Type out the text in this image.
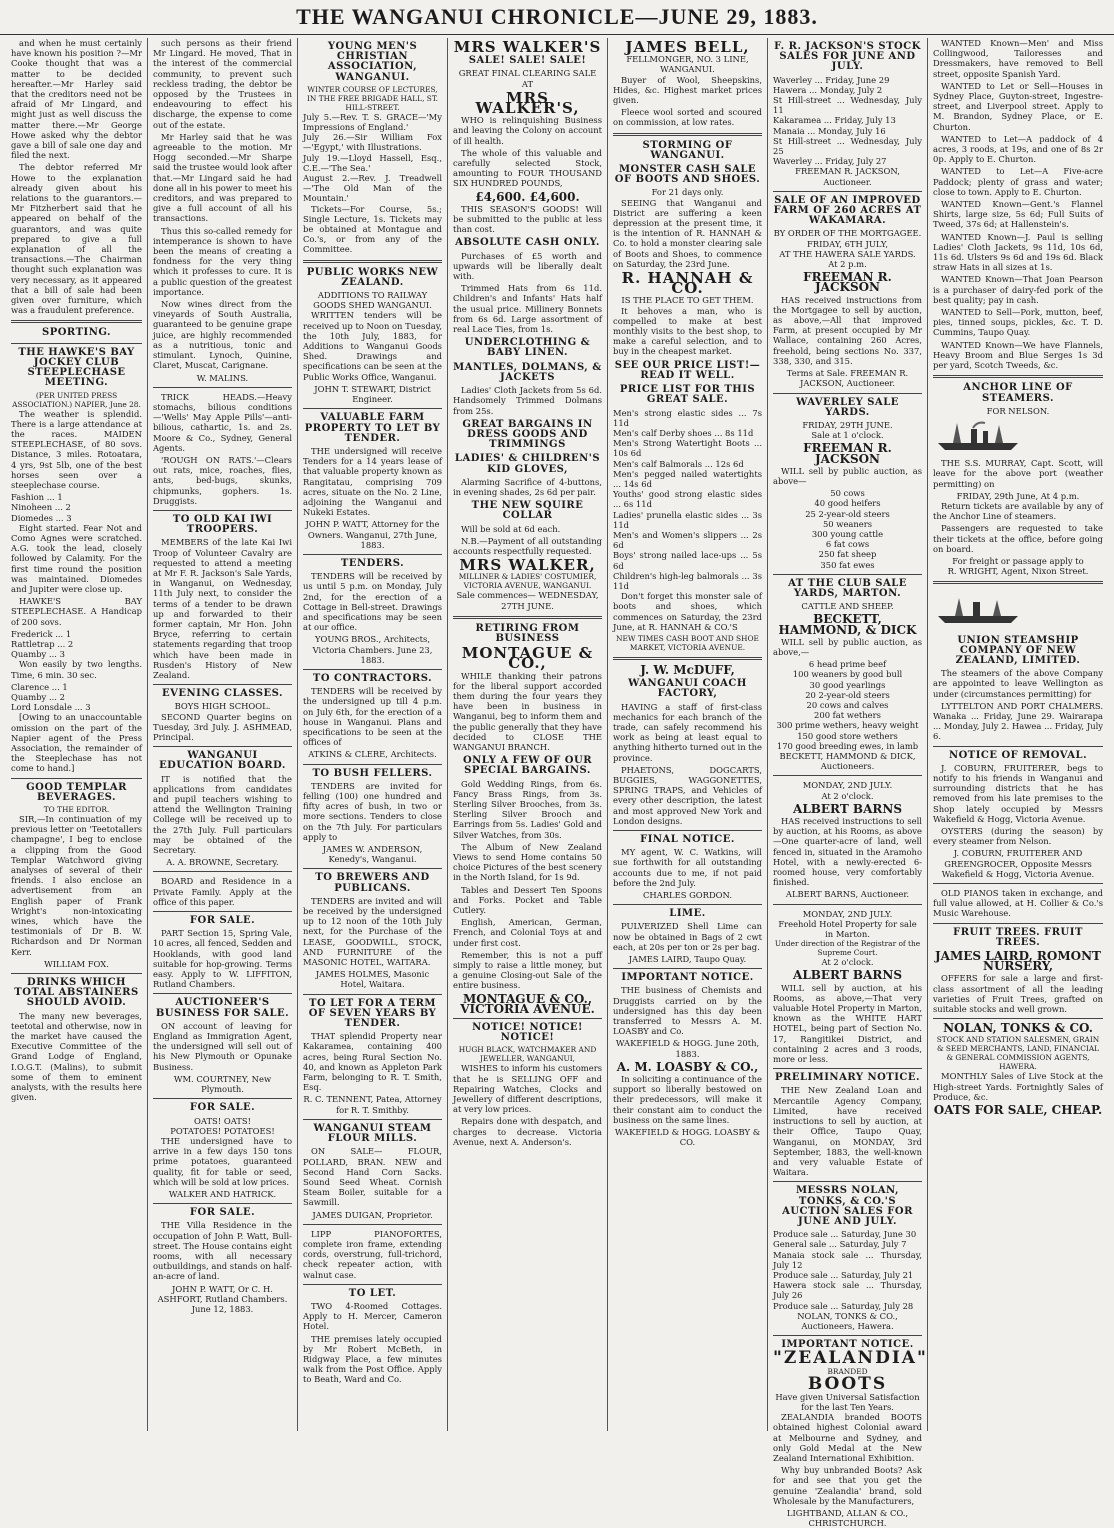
THE WANGANUI CHRONICLE—JUNE 29, 1883.

and when he must certainly have known his position ?—Mr Cooke thought that was a matter to be decided hereafter.—Mr Harley said that the creditors need not be afraid of Mr Lingard, and might just as well discuss the matter there.—Mr George Howe asked why the debtor gave a bill of sale one day and filed the next.

The debtor referred Mr Howe to the explanation already given about his relations to the guarantors.—Mr Fitzherbert said that he appeared on behalf of the guarantors, and was quite prepared to give a full explanation of all the transactions.—The Chairman thought such explanation was very necessary, as it appeared that a bill of sale had been given over furniture, which was a fraudulent preference.

SPORTING.
THE HAWKE'S BAY JOCKEY CLUB STEEPLECHASE MEETING.
(PER UNITED PRESS ASSOCIATION.) NAPIER, June 28.

The weather is splendid. There is a large attendance at the races. MAIDEN STEEPLECHASE, of 80 sovs. Distance, 3 miles. Rotoatara, 4 yrs, 9st 5lb, one of the best horses seen over a steeplechase course.

Fashion ... 1
Ninoheen ... 2
Diomedes ... 3

Eight started. Fear Not and Como Agnes were scratched. A.G. took the lead, closely followed by Calamity. For the first time round the position was maintained. Diomedes and Jupiter were close up.

HAWKE'S BAY STEEPLECHASE. A Handicap of 200 sovs.

Frederick ... 1
Rattletrap ... 2
Quamby ... 3

Won easily by two lengths. Time, 6 min. 30 sec.

Clarence ... 1
Quamby ... 2
Lord Lonsdale ... 3

[Owing to an unaccountable omission on the part of the Napier agent of the Press Association, the remainder of the Steeplechase has not come to hand.]

GOOD TEMPLAR BEVERAGES.
TO THE EDITOR.

SIR,—In continuation of my previous letter on 'Teetotallers champagne', I beg to enclose a clipping from the Good Templar Watchword giving analyses of several of their friends. I also enclose an advertisement from an English paper of Frank Wright's non-intoxicating wines, which have the testimonials of Dr B. W. Richardson and Dr Norman Kerr.

WILLIAM FOX.
DRINKS WHICH TOTAL ABSTAINERS SHOULD AVOID.

The many new beverages, teetotal and otherwise, now in the market have caused the Executive Committee of the Grand Lodge of England, I.O.G.T. (Malins), to submit some of them to eminent analysts, with the results here given.

such persons as their friend Mr Lingard. He moved, That in the interest of the commercial community, to prevent such reckless trading, the debtor be opposed by the Trustees in endeavouring to effect his discharge, the expense to come out of the estate.

Mr Harley said that he was agreeable to the motion. Mr Hogg seconded.—Mr Sharpe said the trustee would look after that.—Mr Lingard said he had done all in his power to meet his creditors, and was prepared to give a full account of all his transactions.

Thus this so-called remedy for intemperance is shown to have been the means of creating a fondness for the very thing which it professes to cure. It is a public question of the greatest importance.

Now wines direct from the vineyards of South Australia, guaranteed to be genuine grape juice, are highly recommended as a nutritious, tonic and stimulant. Lynoch, Quinine, Claret, Muscat, Carignane.

W. MALINS.

TRICK HEADS.—Heavy stomachs, bilious conditions—'Wells' May Apple Pills'—anti-bilious, cathartic, 1s. and 2s. Moore & Co., Sydney, General Agents.

'ROUGH ON RATS.'—Clears out rats, mice, roaches, flies, ants, bed-bugs, skunks, chipmunks, gophers. 1s. Druggists.

TO OLD KAI IWI TROOPERS.

MEMBERS of the late Kai Iwi Troop of Volunteer Cavalry are requested to attend a meeting at Mr F. R. Jackson's Sale Yards, in Wanganui, on Wednesday, 11th July next, to consider the terms of a tender to be drawn up and forwarded to their former captain, Mr Hon. John Bryce, referring to certain statements regarding that troop which have been made in Rusden's History of New Zealand.

EVENING CLASSES.
BOYS HIGH SCHOOL.

SECOND Quarter begins on Tuesday, 3rd July. J. ASHMEAD, Principal.

WANGANUI EDUCATION BOARD.

IT is notified that the applications from candidates and pupil teachers wishing to attend the Wellington Training College will be received up to the 27th July. Full particulars may be obtained of the Secretary.

A. A. BROWNE, Secretary.

BOARD and Residence in a Private Family. Apply at the office of this paper.

FOR SALE.

PART Section 15, Spring Vale, 10 acres, all fenced, Sedden and Hooklands, with good land suitable for hop-growing. Terms easy. Apply to W. LIFFITON, Rutland Chambers.

AUCTIONEER'S BUSINESS FOR SALE.

ON account of leaving for England as Immigration Agent, the undersigned will sell out of his New Plymouth or Opunake Business.

WM. COURTNEY, New Plymouth.
FOR SALE.
OATS! OATS!
POTATOES! POTATOES!

THE undersigned have to arrive in a few days 150 tons prime potatoes, guaranteed quality, fit for table or seed, which will be sold at low prices.

WALKER AND HATRICK.
FOR SALE.

THE Villa Residence in the occupation of John P. Watt, Bull-street. The House contains eight rooms, with all necessary outbuildings, and stands on half-an-acre of land.

JOHN P. WATT, Or C. H. ASHFORT, Rutland Chambers. June 12, 1883.
YOUNG MEN'S CHRISTIAN ASSOCIATION, WANGANUI.
WINTER COURSE OF LECTURES, IN THE FREE BRIGADE HALL, ST. HILL-STREET.
July 5.—Rev. T. S. GRACE—'My Impressions of England.'
July 26.—Sir William Fox—'Egypt,' with Illustrations.
July 19.—Lloyd Hassell, Esq., C.E.—'The Sea.'
August 2.—Rev. J. Treadwell—'The Old Man of the Mountain.'

Tickets—For Course, 5s.; Single Lecture, 1s. Tickets may be obtained at Montague and Co.'s, or from any of the Committee.

PUBLIC WORKS NEW ZEALAND.
ADDITIONS TO RAILWAY GOODS SHED WANGANUI.

WRITTEN tenders will be received up to Noon on Tuesday, the 10th July, 1883, for Additions to Wanganui Goods Shed. Drawings and specifications can be seen at the Public Works Office, Wanganui.

JOHN T. STEWART, District Engineer.
VALUABLE FARM PROPERTY TO LET BY TENDER.

THE undersigned will receive Tenders for a 14 years lease of that valuable property known as Rangitatau, comprising 709 acres, situate on the No. 2 Line, adjoining the Wanganui and Nukeki Estates.

JOHN P. WATT, Attorney for the Owners. Wanganui, 27th June, 1883.
TENDERS.

TENDERS will be received by us until 5 p.m. on Monday, July 2nd, for the erection of a Cottage in Bell-street. Drawings and specifications may be seen at our office.

YOUNG BROS., Architects, Victoria Chambers. June 23, 1883.
TO CONTRACTORS.

TENDERS will be received by the undersigned up till 4 p.m. on July 6th, for the erection of a house in Wanganui. Plans and specifications to be seen at the offices of

ATKINS & CLERE, Architects.
TO BUSH FELLERS.

TENDERS are invited for felling (100) one hundred and fifty acres of bush, in two or more sections. Tenders to close on the 7th July. For particulars apply to

JAMES W. ANDERSON, Kenedy's, Wanganui.
TO BREWERS AND PUBLICANS.

TENDERS are invited and will be received by the undersigned up to 12 noon of the 10th July next, for the Purchase of the LEASE, GOODWILL, STOCK, AND FURNITURE of the MASONIC HOTEL, WAITARA.

JAMES HOLMES, Masonic Hotel, Waitara.
TO LET FOR A TERM OF SEVEN YEARS BY TENDER.

THAT splendid Property near Kakaramea, containing 400 acres, being Rural Section No. 40, and known as Appleton Park Farm, belonging to R. T. Smith, Esq.

R. C. TENNENT, Patea, Attorney for R. T. Smithby.
WANGANUI STEAM FLOUR MILLS.

ON SALE— FLOUR, POLLARD, BRAN. NEW and Second Hand Corn Sacks. Sound Seed Wheat. Cornish Steam Boiler, suitable for a Sawmill.

JAMES DUIGAN, Proprietor.

LIPP PIANOFORTES, complete iron frame, extending cords, overstrung, full-trichord, check repeater action, with walnut case.

TO LET.

TWO 4-Roomed Cottages. Apply to H. Mercer, Cameron Hotel.

THE premises lately occupied by Mr Robert McBeth, in Ridgway Place, a few minutes walk from the Post Office. Apply to Beath, Ward and Co.

MRS WALKER'S
SALE! SALE! SALE!
GREAT FINAL CLEARING SALE AT
MRS WALKER'S,

WHO is relinquishing Business and leaving the Colony on account of ill health.

The whole of this valuable and carefully selected Stock, amounting to FOUR THOUSAND SIX HUNDRED POUNDS,

£4,600. £4,600.

THIS SEASON'S GOODS! Will be submitted to the public at less than cost.

ABSOLUTE CASH ONLY.

Purchases of £5 worth and upwards will be liberally dealt with.

Trimmed Hats from 6s 11d. Children's and Infants' Hats half the usual price. Millinery Bonnets from 6s 6d. Large assortment of real Lace Ties, from 1s.

UNDERCLOTHING & BABY LINEN.
MANTLES, DOLMANS, & JACKETS

Ladies' Cloth Jackets from 5s 6d. Handsomely Trimmed Dolmans from 25s.

GREAT BARGAINS IN DRESS GOODS AND TRIMMINGS
LADIES' & CHILDREN'S KID GLOVES,

Alarming Sacrifice of 4-buttons, in evening shades, 2s 6d per pair.

THE NEW SQUIRE COLLAR

Will be sold at 6d each.

N.B.—Payment of all outstanding accounts respectfully requested.

MRS WALKER,
MILLINER & LADIES' COSTUMIER, VICTORIA AVENUE, WANGANUI.
Sale commences— WEDNESDAY, 27TH JUNE.
RETIRING FROM BUSINESS
MONTAGUE & CO.,

WHILE thanking their patrons for the liberal support accorded them during the four years they have been in business in Wanganui, beg to inform them and the public generally that they have decided to CLOSE THE WANGANUI BRANCH.

ONLY A FEW OF OUR SPECIAL BARGAINS.

Gold Wedding Rings, from 6s. Fancy Brass Rings, from 3s. Sterling Silver Brooches, from 3s. Sterling Silver Brooch and Earrings from 5s. Ladies' Gold and Silver Watches, from 30s.

The Album of New Zealand Views to send Home contains 50 choice Pictures of the best scenery in the North Island, for 1s 9d.

Tables and Dessert Ten Spoons and Forks. Pocket and Table Cutlery.

English, American, German, French, and Colonial Toys at and under first cost.

Remember, this is not a puff simply to raise a little money, but a genuine Closing-out Sale of the entire business.

MONTAGUE & CO., VICTORIA AVENUE.
NOTICE! NOTICE! NOTICE!
HUGH BLACK, WATCHMAKER AND JEWELLER, WANGANUI,

WISHES to inform his customers that he is SELLING OFF and Repairing Watches, Clocks and Jewellery of different descriptions, at very low prices.

Repairs done with despatch, and charges to decrease. Victoria Avenue, next A. Anderson's.

JAMES BELL,
FELLMONGER, NO. 3 LINE, WANGANUI.

Buyer of Wool, Sheepskins, Hides, &c. Highest market prices given.

Fleece wool sorted and scoured on commission, at low rates.

STORMING OF WANGANUI.
MONSTER CASH SALE OF BOOTS AND SHOES.
For 21 days only.

SEEING that Wanganui and District are suffering a keen depression at the present time, it is the intention of R. HANNAH & Co. to hold a monster clearing sale of Boots and Shoes, to commence on Saturday, the 23rd June.

R. HANNAH & CO.
IS THE PLACE TO GET THEM.

It behoves a man, who is compelled to make at best monthly visits to the best shop, to make a careful selection, and to buy in the cheapest market.

SEE OUR PRICE LIST!—READ IT WELL.
PRICE LIST FOR THIS GREAT SALE.
Men's strong elastic sides ... 7s 11d
Men's calf Derby shoes ... 8s 11d
Men's Strong Watertight Boots ... 10s 6d
Men's calf Balmorals ... 12s 6d
Men's pegged nailed watertights ... 14s 6d
Youths' good strong elastic sides ... 6s 11d
Ladies' prunella elastic sides ... 3s 11d
Men's and Women's slippers ... 2s 6d
Boys' strong nailed lace-ups ... 5s 6d
Children's high-leg balmorals ... 3s 11d

Don't forget this monster sale of boots and shoes, which commences on Saturday, the 23rd June, at R. HANNAH & CO.'S

NEW TIMES CASH BOOT AND SHOE MARKET, VICTORIA AVENUE.
J. W. McDUFF,
WANGANUI COACH FACTORY,

HAVING a staff of first-class mechanics for each branch of the trade, can safely recommend his work as being at least equal to anything hitherto turned out in the province.

PHAETONS, DOGCARTS, BUGGIES, WAGGONETTES, SPRING TRAPS, and Vehicles of every other description, the latest and most approved New York and London designs.

FINAL NOTICE.

MY agent, W. C. Watkins, will sue forthwith for all outstanding accounts due to me, if not paid before the 2nd July.

CHARLES GORDON.
LIME.

PULVERIZED Shell Lime can now be obtained in Bags of 2 cwt each, at 20s per ton or 2s per bag.

JAMES LAIRD, Taupo Quay.
IMPORTANT NOTICE.

THE business of Chemists and Druggists carried on by the undersigned has this day been transferred to Messrs A. M. LOASBY and Co.

WAKEFIELD & HOGG. June 20th, 1883.
A. M. LOASBY & CO.,

In soliciting a continuance of the support so liberally bestowed on their predecessors, will make it their constant aim to conduct the business on the same lines.

WAKEFIELD & HOGG. LOASBY & CO.
F. R. JACKSON'S STOCK SALES FOR JUNE AND JULY.
Waverley ... Friday, June 29
Hawera ... Monday, July 2
St Hill-street ... Wednesday, July 11
Kakaramea ... Friday, July 13
Manaia ... Monday, July 16
St Hill-street ... Wednesday, July 25
Waverley ... Friday, July 27
FREEMAN R. JACKSON, Auctioneer.
SALE OF AN IMPROVED FARM OF 260 ACRES AT WAKAMARA.
BY ORDER OF THE MORTGAGEE.
FRIDAY, 6TH JULY,
AT THE HAWERA SALE YARDS.
At 2 p.m.
FREEMAN R. JACKSON

HAS received instructions from the Mortgagee to sell by auction, as above,—All that improved Farm, at present occupied by Mr Wallace, containing 260 Acres, freehold, being sections No. 337, 338, 330, and 315.

Terms at Sale. FREEMAN R. JACKSON, Auctioneer.
WAVERLEY SALE YARDS.
FRIDAY, 29TH JUNE.
Sale at 1 o'clock.
FREEMAN R. JACKSON

WILL sell by public auction, as above—

50 cows
40 good heifers
25 2-year-old steers
50 weaners
300 young cattle
6 fat cows
250 fat sheep
350 fat ewes
AT THE CLUB SALE YARDS, MARTON.
CATTLE AND SHEEP.
BECKETT, HAMMOND, & DICK

WILL sell by public auction, as above,—

6 head prime beef
100 weaners by good bull
30 good yearlings
20 2-year-old steers
20 cows and calves
200 fat wethers
300 prime wethers, heavy weight
150 good store wethers
170 good breeding ewes, in lamb
BECKETT, HAMMOND & DICK, Auctioneers.
MONDAY, 2ND JULY.
At 2 o'clock.
ALBERT BARNS

HAS received instructions to sell by auction, at his Rooms, as above—One quarter-acre of land, well fenced in, situated in the Aramoho Hotel, with a newly-erected 6-roomed house, very comfortably finished.

ALBERT BARNS, Auctioneer.
MONDAY, 2ND JULY.
Freehold Hotel Property for sale in Marton.
Under direction of the Registrar of the Supreme Court.
At 2 o'clock.
ALBERT BARNS

WILL sell by auction, at his Rooms, as above,—That very valuable Hotel Property in Marton, known as the WHITE HART HOTEL, being part of Section No. 17, Rangitikei District, and containing 2 acres and 3 roods, more or less.

PRELIMINARY NOTICE.

THE New Zealand Loan and Mercantile Agency Company, Limited, have received instructions to sell by auction, at their Office, Taupo Quay, Wanganui, on MONDAY, 3rd September, 1883, the well-known and very valuable Estate of Waitara.

MESSRS NOLAN, TONKS, & CO.'S AUCTION SALES FOR JUNE AND JULY.
Produce sale ... Saturday, June 30
General sale ... Saturday, July 7
Manaia stock sale ... Thursday, July 12
Produce sale ... Saturday, July 21
Hawera stock sale ... Thursday, July 26
Produce sale ... Saturday, July 28
NOLAN, TONKS & CO., Auctioneers, Hawera.
IMPORTANT NOTICE.
"ZEALANDIA"
BRANDED
BOOTS
Have given Universal Satisfaction for the last Ten Years.

ZEALANDIA branded BOOTS obtained highest Colonial award at Melbourne and Sydney, and only Gold Medal at the New Zealand International Exhibition.

Why buy unbranded Boots? Ask for and see that you get the genuine 'Zealandia' brand, sold Wholesale by the Manufacturers,

LIGHTBAND, ALLAN & CO., CHRISTCHURCH.

WANTED Known—Men' and Miss Collingwood, Tailoresses and Dressmakers, have removed to Bell street, opposite Spanish Yard.

WANTED to Let or Sell—Houses in Sydney Place, Guyton-street, Ingestre-street, and Liverpool street. Apply to M. Brandon, Sydney Place, or E. Churton.

WANTED to Let—A paddock of 4 acres, 3 roods, at 19s, and one of 8s 2r 0p. Apply to E. Churton.

WANTED to Let—A Five-acre Paddock; plenty of grass and water; close to town. Apply to E. Churton.

WANTED Known—Gent.'s Flannel Shirts, large size, 5s 6d; Full Suits of Tweed, 37s 6d; at Hallenstein's.

WANTED Known—J. Paul is selling Ladies' Cloth Jackets, 9s 11d, 10s 6d, 11s 6d. Ulsters 9s 6d and 19s 6d. Black straw Hats in all sizes at 1s.

WANTED Known—That Joan Pearson is a purchaser of dairy-fed pork of the best quality; pay in cash.

WANTED to Sell—Pork, mutton, beef, pies, tinned soups, pickles, &c. T. D. Cummins, Taupo Quay.

WANTED Known—We have Flannels, Heavy Broom and Blue Serges 1s 3d per yard, Scotch Tweeds, &c.

ANCHOR LINE OF STEAMERS.
FOR NELSON.

THE S.S. MURRAY, Capt. Scott, will leave for the above port (weather permitting) on

FRIDAY, 29th June, At 4 p.m.

Return tickets are available by any of the Anchor Line of steamers.

Passengers are requested to take their tickets at the office, before going on board.

For freight or passage apply to
R. WRIGHT, Agent, Nixon Street.
UNION STEAMSHIP COMPANY OF NEW ZEALAND, LIMITED.

The steamers of the above Company are appointed to leave Wellington as under (circumstances permitting) for

LYTTELTON AND PORT CHALMERS. Wanaka ... Friday, June 29. Wairarapa ... Monday, July 2. Hawea ... Friday, July 6.

NOTICE OF REMOVAL.

J. COBURN, FRUITERER, begs to notify to his friends in Wanganui and surrounding districts that he has removed from his late premises to the Shop lately occupied by Messrs Wakefield & Hogg, Victoria Avenue.

OYSTERS (during the season) by every steamer from Nelson.

J. COBURN, FRUITERER AND GREENGROCER, Opposite Messrs Wakefield & Hogg, Victoria Avenue.

OLD PIANOS taken in exchange, and full value allowed, at H. Collier & Co.'s Music Warehouse.

FRUIT TREES. FRUIT TREES.
JAMES LAIRD, ROMONT NURSERY,

OFFERS for sale a large and first-class assortment of all the leading varieties of Fruit Trees, grafted on suitable stocks and well grown.

NOLAN, TONKS & CO.
STOCK AND STATION SALESMEN, GRAIN & SEED MERCHANTS, LAND, FINANCIAL & GENERAL COMMISSION AGENTS, HAWERA.

MONTHLY Sales of Live Stock at the High-street Yards. Fortnightly Sales of Produce, &c.

OATS FOR SALE, CHEAP.
